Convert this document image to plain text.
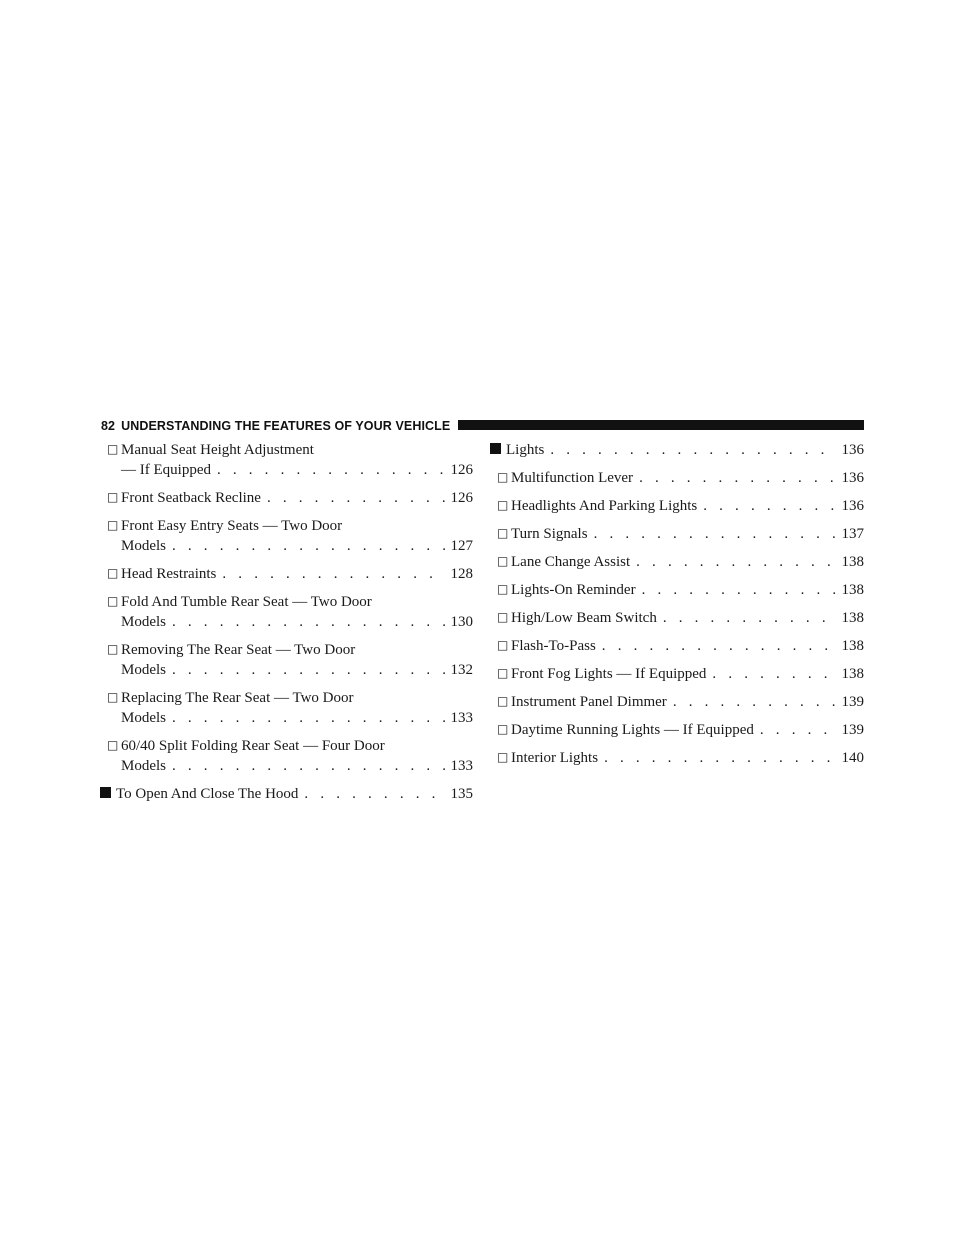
82 UNDERSTANDING THE FEATURES OF YOUR VEHICLE
□ Manual Seat Height Adjustment
— If Equipped . . .	126
□ Front Seatback Recline . . .	126
□ Front Easy Entry Seats — Two Door
Models . . .	127
□ Head Restraints . . .	128
□ Fold And Tumble Rear Seat — Two Door
Models . . .	130
□ Removing The Rear Seat — Two Door
Models . . .	132
□ Replacing The Rear Seat — Two Door
Models . . .	133
□ 60/40 Split Folding Rear Seat — Four Door
Models . . .	133
To Open And Close The Hood . . .	135
Lights . . .	136
□ Multifunction Lever . . .	136
□ Headlights And Parking Lights . . .	136
□ Turn Signals . . .	137
□ Lane Change Assist . . .	138
□ Lights-On Reminder . . .	138
□ High/Low Beam Switch . . .	138
□ Flash-To-Pass . . .	138
□ Front Fog Lights — If Equipped . . .	138
□ Instrument Panel Dimmer . . .	139
□ Daytime Running Lights — If Equipped . . .	139
□ Interior Lights . . .	140
